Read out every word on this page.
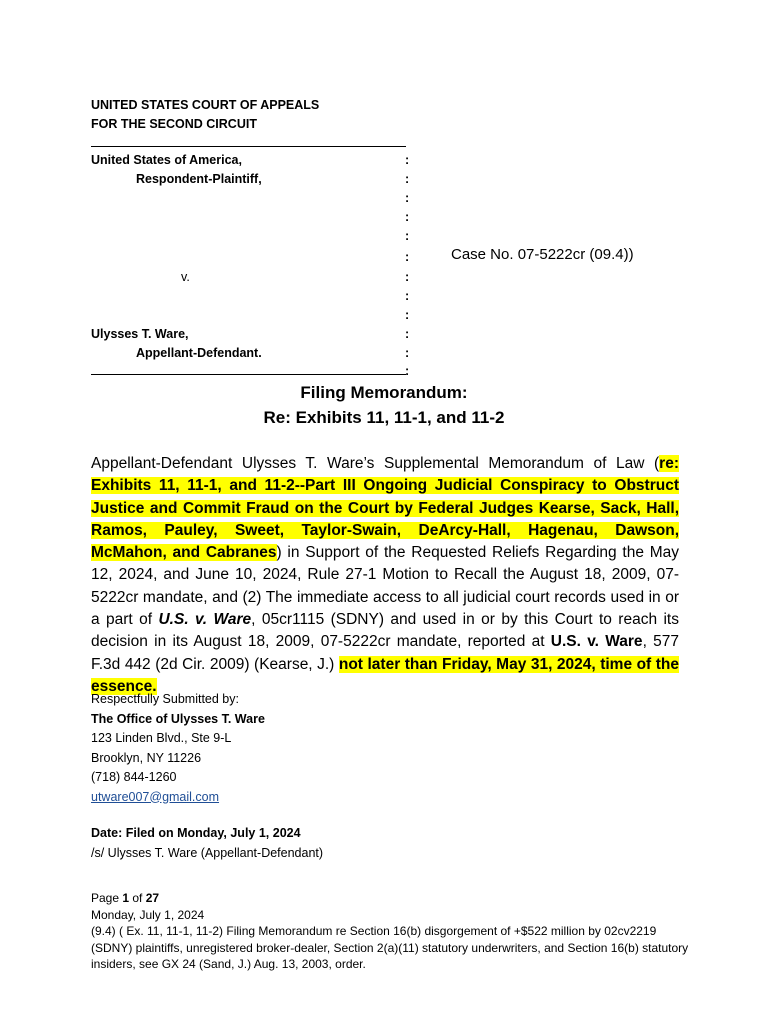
UNITED STATES COURT OF APPEALS
FOR THE SECOND CIRCUIT
United States of America,
Respondent-Plaintiff,
v.
Ulysses T. Ware,
Appellant-Defendant.
:
:
:
:
:
:
:
:
:
:
:
:
Case No. 07-5222cr (09.4))
Filing Memorandum:
Re: Exhibits 11, 11-1, and 11-2
Appellant-Defendant Ulysses T. Ware’s Supplemental Memorandum of Law (re: Exhibits 11, 11-1, and 11-2--Part III Ongoing Judicial Conspiracy to Obstruct Justice and Commit Fraud on the Court by Federal Judges Kearse, Sack, Hall, Ramos, Pauley, Sweet, Taylor-Swain, DeArcy-Hall, Hagenau, Dawson, McMahon, and Cabranes) in Support of the Requested Reliefs Regarding the May 12, 2024, and June 10, 2024, Rule 27-1 Motion to Recall the August 18, 2009, 07-5222cr mandate, and (2) The immediate access to all judicial court records used in or a part of U.S. v. Ware, 05cr1115 (SDNY) and used in or by this Court to reach its decision in its August 18, 2009, 07-5222cr mandate, reported at U.S. v. Ware, 577 F.3d 442 (2d Cir. 2009) (Kearse, J.) not later than Friday, May 31, 2024, time of the essence.
Respectfully Submitted by:
The Office of Ulysses T. Ware
123 Linden Blvd., Ste 9-L
Brooklyn, NY 11226
(718) 844-1260
utware007@gmail.com
Date: Filed on Monday, July 1, 2024
/s/ Ulysses T. Ware (Appellant-Defendant)
Page 1 of 27
Monday, July 1, 2024
(9.4) ( Ex. 11, 11-1, 11-2) Filing Memorandum re Section 16(b) disgorgement of +$522 million by 02cv2219 (SDNY) plaintiffs, unregistered broker-dealer, Section 2(a)(11) statutory underwriters, and Section 16(b) statutory insiders, see GX 24 (Sand, J.) Aug. 13, 2003, order.
